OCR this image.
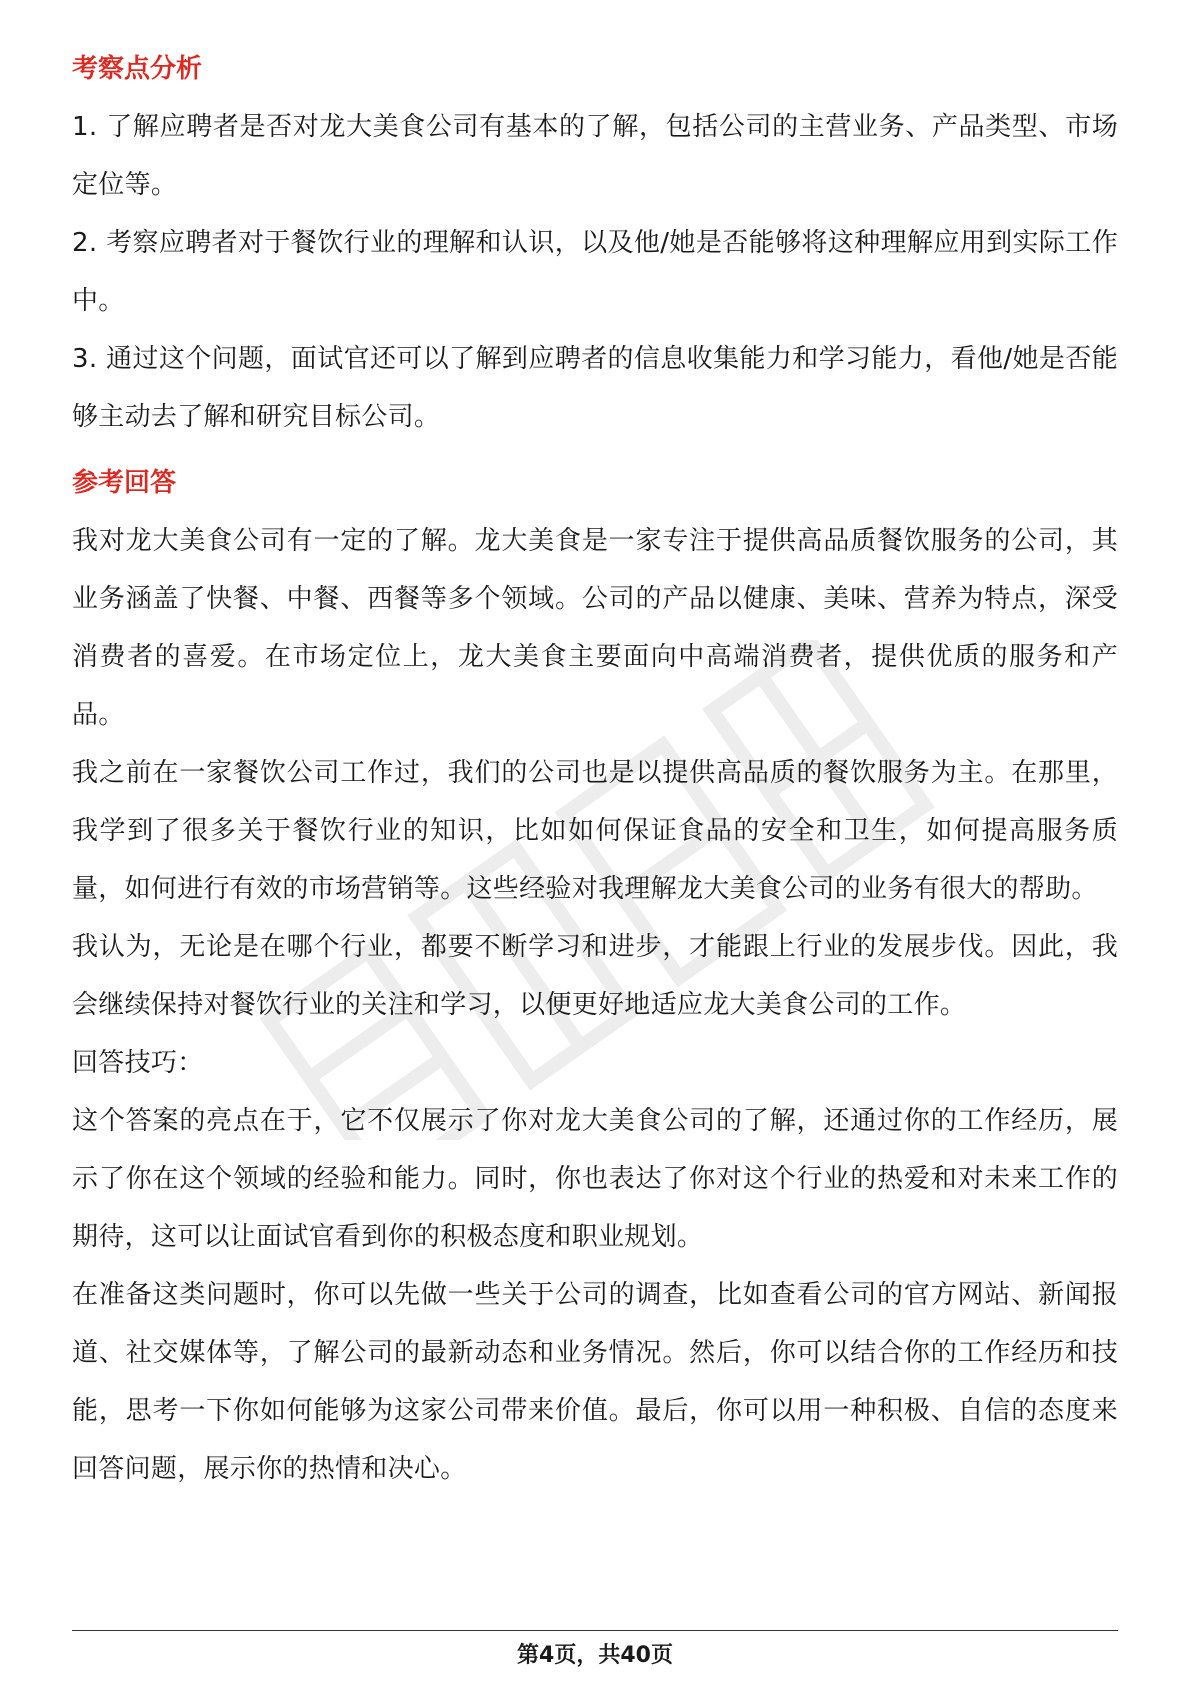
考察点分析

1. 了解应聘者是否对龙大美食公司有基本的了解，包括公司的主营业务、产品类型、市场定位等。

2. 考察应聘者对于餐饮行业的理解和认识，以及他/她是否能够将这种理解应用到实际工作中。

3. 通过这个问题，面试官还可以了解到应聘者的信息收集能力和学习能力，看他/她是否能够主动去了解和研究目标公司。

参考回答

我对龙大美食公司有一定的了解。龙大美食是一家专注于提供高品质餐饮服务的公司，其业务涵盖了快餐、中餐、西餐等多个领域。公司的产品以健康、美味、营养为特点，深受消费者的喜爱。在市场定位上，龙大美食主要面向中高端消费者，提供优质的服务和产品。

我之前在一家餐饮公司工作过，我们的公司也是以提供高品质的餐饮服务为主。在那里，我学到了很多关于餐饮行业的知识，比如如何保证食品的安全和卫生，如何提高服务质量，如何进行有效的市场营销等。这些经验对我理解龙大美食公司的业务有很大的帮助。

我认为，无论是在哪个行业，都要不断学习和进步，才能跟上行业的发展步伐。因此，我会继续保持对餐饮行业的关注和学习，以便更好地适应龙大美食公司的工作。

回答技巧：

这个答案的亮点在于，它不仅展示了你对龙大美食公司的了解，还通过你的工作经历，展示了你在这个领域的经验和能力。同时，你也表达了你对这个行业的热爱和对未来工作的期待，这可以让面试官看到你的积极态度和职业规划。

在准备这类问题时，你可以先做一些关于公司的调查，比如查看公司的官方网站、新闻报道、社交媒体等，了解公司的最新动态和业务情况。然后，你可以结合你的工作经历和技能，思考一下你如何能够为这家公司带来价值。最后，你可以用一种积极、自信的态度来回答问题，展示你的热情和决心。

第4页，共40页
